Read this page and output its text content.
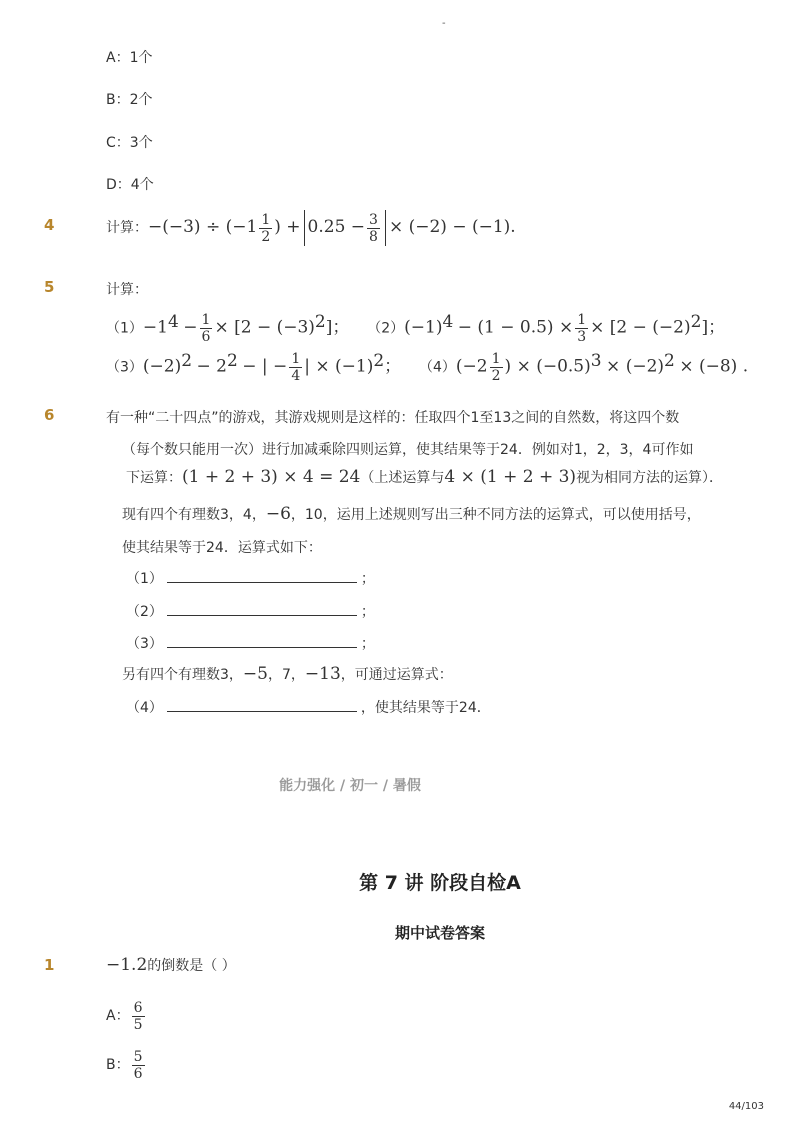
-
A：1个
B：2个
C：3个
D：4个
4	计算：$-(-3) \div (-1 \frac{1}{2}$ ) + $0.25 - \frac{3}{8} \times (-2) - (-1)$.
5	计算：
$(1)-1^4 - \frac{1}{6} \times [2 - (-3)^2]$； $(2)(-1)^4 - (1 - 0.5) \times \frac{1}{3} \times [2 - (-2)^2]$；
$(3)(-2)^2 - 2^2$ − | − $\frac{1}{4}$ | × $(-1)^2$； $(4)(-2 \frac{1}{2}$ ) × $(-0.5)^3 \times (-2)^2 \times (-8)$ .
6	有一种“二十四点”的游戏，其游戏规则是这样的：任取四个1至13之间的自然数，将这四个数
（每个数只能用一次）进行加减乘除四则运算，使其结果等于24．例如对1，2，3，4可作如
下运算：(1 + 2 + 3) × 4 = 24（上述运算与4 × (1 + 2 + 3)视为相同方法的运算）．
现有四个有理数3，4，−6，10，运用上述规则写出三种不同方法的运算式，可以使用括号，
使其结果等于24．运算式如下：
（1）	；
（2）	；
（3）	；
另有四个有理数3，−5，7，−13，可通过运算式：
（4）	，使其结果等于24．
能力强化 / 初一 / 暑假
第 7 讲 阶段自检A
期中试卷答案
1	−1.2的倒数是（ ）
A： $\frac{6}{5}$
B： $\frac{5}{6}$
44/103
